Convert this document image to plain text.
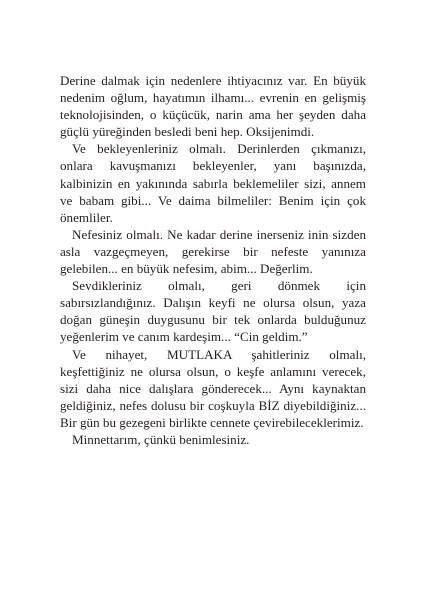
Derine dalmak için nedenlere ihtiyacınız var. En büyük nedenim oğlum, hayatımın ilhamı... evrenin en gelişmiş teknolojisinden, o küçücük, narin ama her şeyden daha güçlü yüreğinden besledi beni hep. Oksijenimdi.

Ve bekleyenleriniz olmalı. Derinlerden çıkmanızı, onlara kavuşmanızı bekleyenler, yanı başınızda, kalbinizin en yakınında sabırla beklemeliler sizi, annem ve babam gibi... Ve daima bilmeliler: Benim için çok önemliler.

Nefesiniz olmalı. Ne kadar derine inerseniz inin sizden asla vazgeçmeyen, gerekirse bir nefeste yanınıza gelebilen... en büyük nefesim, abim... Değerlim.

Sevdikleriniz olmalı, geri dönmek için sabırsızlandığınız. Dalışın keyfi ne olursa olsun, yaza doğan güneşin duygusunu bir tek onlarda bulduğunuz yeğenlerim ve canım kardeşim... “Cin geldim.”

Ve nihayet, MUTLAKA şahitleriniz olmalı, keşfettiğiniz ne olursa olsun, o keşfe anlamını verecek, sizi daha nice dalışlara gönderecek... Aynı kaynaktan geldiğiniz, nefes dolusu bir coşkuyla BİZ diyebildiğiniz... Bir gün bu gezegeni birlikte cennete çevirebileceklerimiz.

Minnettarım, çünkü benimlesiniz.
